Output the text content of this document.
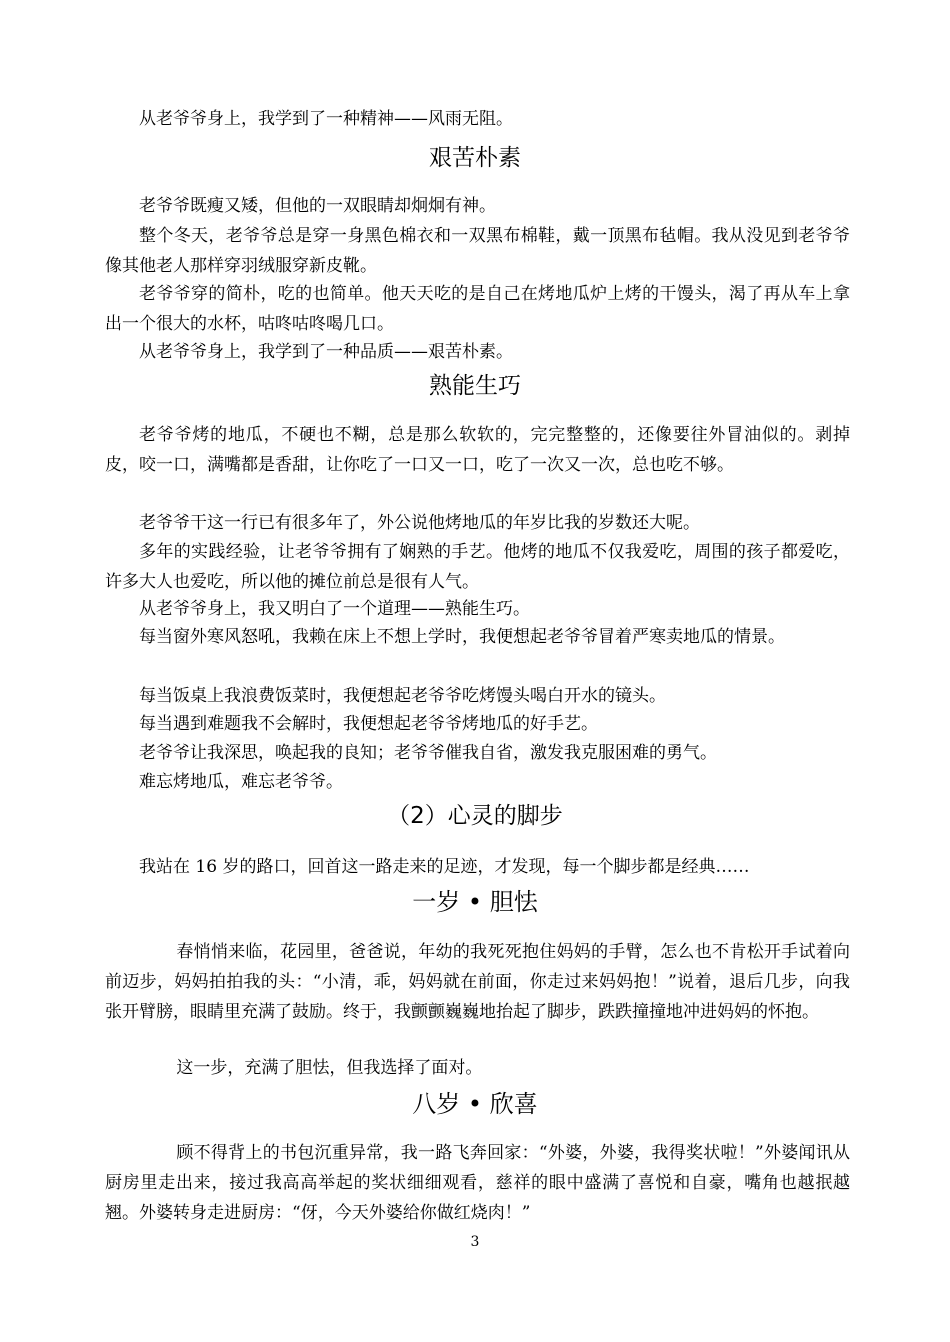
从老爷爷身上，我学到了一种精神——风雨无阻。

艰苦朴素

老爷爷既瘦又矮，但他的一双眼睛却炯炯有神。

整个冬天，老爷爷总是穿一身黑色棉衣和一双黑布棉鞋，戴一顶黑布毡帽。我从没见到老爷爷像其他老人那样穿羽绒服穿新皮靴。

老爷爷穿的简朴，吃的也简单。他天天吃的是自己在烤地瓜炉上烤的干馒头，渴了再从车上拿出一个很大的水杯，咕咚咕咚喝几口。

从老爷爷身上，我学到了一种品质——艰苦朴素。

熟能生巧

老爷爷烤的地瓜，不硬也不糊，总是那么软软的，完完整整的，还像要往外冒油似的。剥掉皮，咬一口，满嘴都是香甜，让你吃了一口又一口，吃了一次又一次，总也吃不够。

老爷爷干这一行已有很多年了，外公说他烤地瓜的年岁比我的岁数还大呢。

多年的实践经验，让老爷爷拥有了娴熟的手艺。他烤的地瓜不仅我爱吃，周围的孩子都爱吃，许多大人也爱吃，所以他的摊位前总是很有人气。

从老爷爷身上，我又明白了一个道理——熟能生巧。

每当窗外寒风怒吼，我赖在床上不想上学时，我便想起老爷爷冒着严寒卖地瓜的情景。

每当饭桌上我浪费饭菜时，我便想起老爷爷吃烤馒头喝白开水的镜头。

每当遇到难题我不会解时，我便想起老爷爷烤地瓜的好手艺。

老爷爷让我深思，唤起我的良知；老爷爷催我自省，激发我克服困难的勇气。

难忘烤地瓜，难忘老爷爷。

（2）心灵的脚步

我站在 16 岁的路口，回首这一路走来的足迹，才发现，每一个脚步都是经典……

一岁 • 胆怯

春悄悄来临，花园里，爸爸说，年幼的我死死抱住妈妈的手臂，怎么也不肯松开手试着向前迈步，妈妈拍拍我的头：“小清，乖，妈妈就在前面，你走过来妈妈抱！”说着，退后几步，向我张开臂膀，眼睛里充满了鼓励。终于，我颤颤巍巍地抬起了脚步，跌跌撞撞地冲进妈妈的怀抱。

这一步，充满了胆怯，但我选择了面对。

八岁 • 欣喜

顾不得背上的书包沉重异常，我一路飞奔回家：“外婆，外婆，我得奖状啦！”外婆闻讯从厨房里走出来，接过我高高举起的奖状细细观看，慈祥的眼中盛满了喜悦和自豪，嘴角也越抿越翘。外婆转身走进厨房：“伢，今天外婆给你做红烧肉！”

3
